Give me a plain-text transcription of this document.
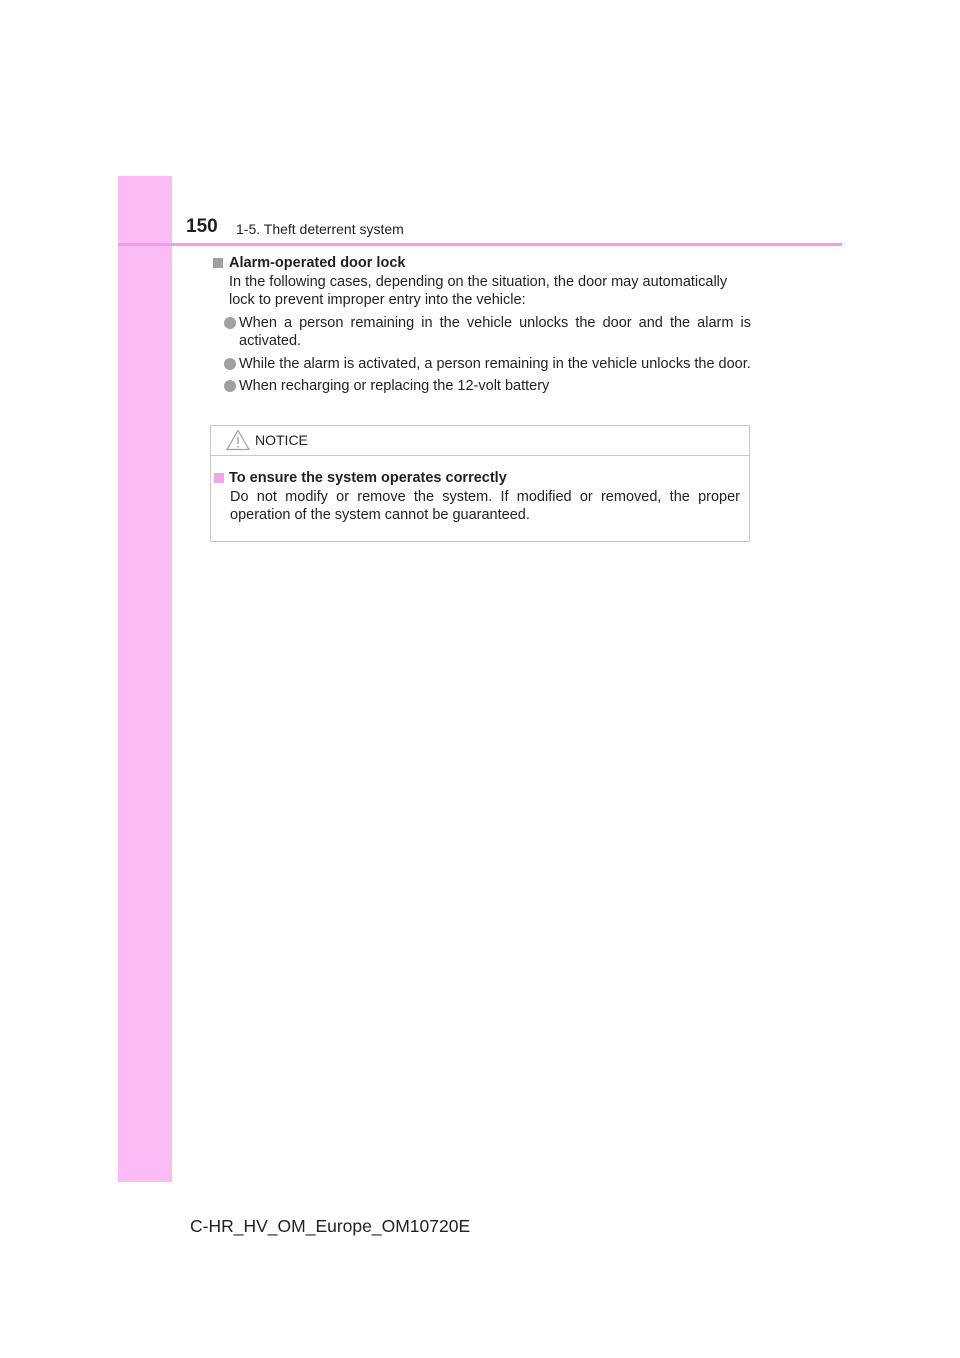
150 1-5. Theft deterrent system
Alarm-operated door lock
In the following cases, depending on the situation, the door may automatically lock to prevent improper entry into the vehicle:
When a person remaining in the vehicle unlocks the door and the alarm is activated.
While the alarm is activated, a person remaining in the vehicle unlocks the door.
When recharging or replacing the 12-volt battery
NOTICE
To ensure the system operates correctly
Do not modify or remove the system. If modified or removed, the proper operation of the system cannot be guaranteed.
C-HR_HV_OM_Europe_OM10720E
